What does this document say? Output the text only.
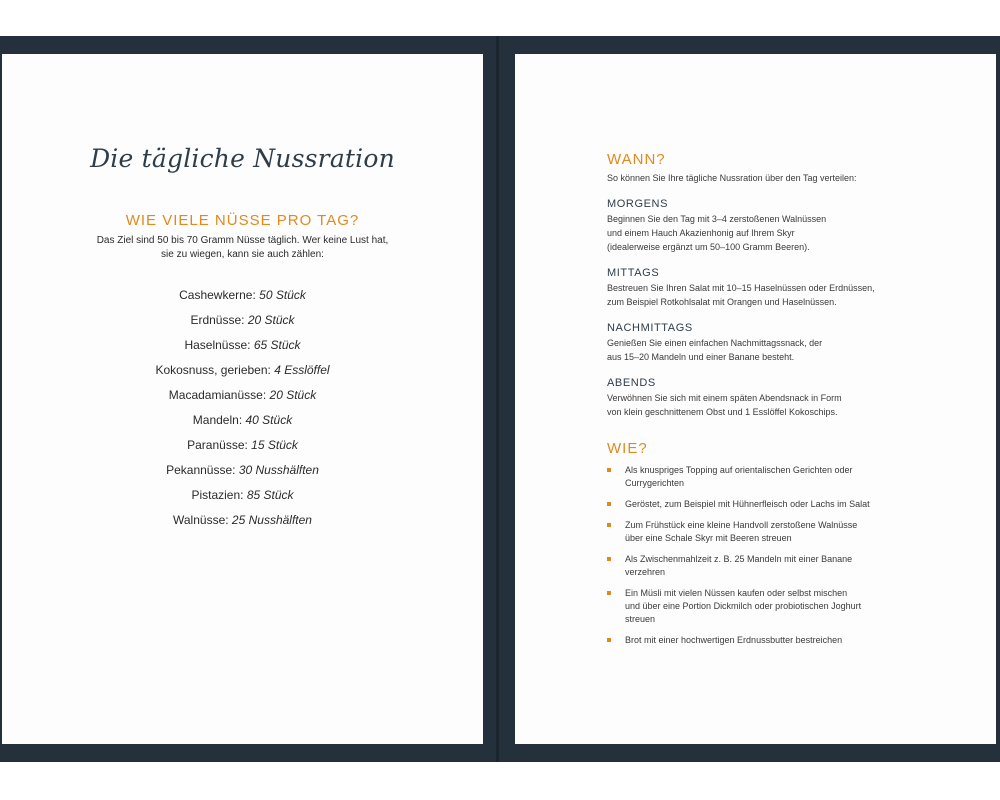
Die tägliche Nussration
WIE VIELE NÜSSE PRO TAG?
Das Ziel sind 50 bis 70 Gramm Nüsse täglich. Wer keine Lust hat, sie zu wiegen, kann sie auch zählen:
Cashewkerne: 50 Stück
Erdnüsse: 20 Stück
Haselnüsse: 65 Stück
Kokosnuss, gerieben: 4 Esslöffel
Macadamianüsse: 20 Stück
Mandeln: 40 Stück
Paranüsse: 15 Stück
Pekannüsse: 30 Nusshälften
Pistazien: 85 Stück
Walnüsse: 25 Nusshälften
WANN?
So können Sie Ihre tägliche Nussration über den Tag verteilen:
MORGENS
Beginnen Sie den Tag mit 3–4 zerstoßenen Walnüssen
und einem Hauch Akazienhonig auf Ihrem Skyr
(idealerweise ergänzt um 50–100 Gramm Beeren).
MITTAGS
Bestreuen Sie Ihren Salat mit 10–15 Haselnüssen oder Erdnüssen,
zum Beispiel Rotkohlsalat mit Orangen und Haselnüssen.
NACHMITTAGS
Genießen Sie einen einfachen Nachmittagssnack, der
aus 15–20 Mandeln und einer Banane besteht.
ABENDS
Verwöhnen Sie sich mit einem späten Abendsnack in Form
von klein geschnittenem Obst und 1 Esslöffel Kokoschips.
WIE?
Als knuspriges Topping auf orientalischen Gerichten oder
Currygerichten
Geröstet, zum Beispiel mit Hühnerfleisch oder Lachs im Salat
Zum Frühstück eine kleine Handvoll zerstoßene Walnüsse
über eine Schale Skyr mit Beeren streuen
Als Zwischenmahlzeit z. B. 25 Mandeln mit einer Banane
verzehren
Ein Müsli mit vielen Nüssen kaufen oder selbst mischen
und über eine Portion Dickmilch oder probiotischen Joghurt
streuen
Brot mit einer hochwertigen Erdnussbutter bestreichen
